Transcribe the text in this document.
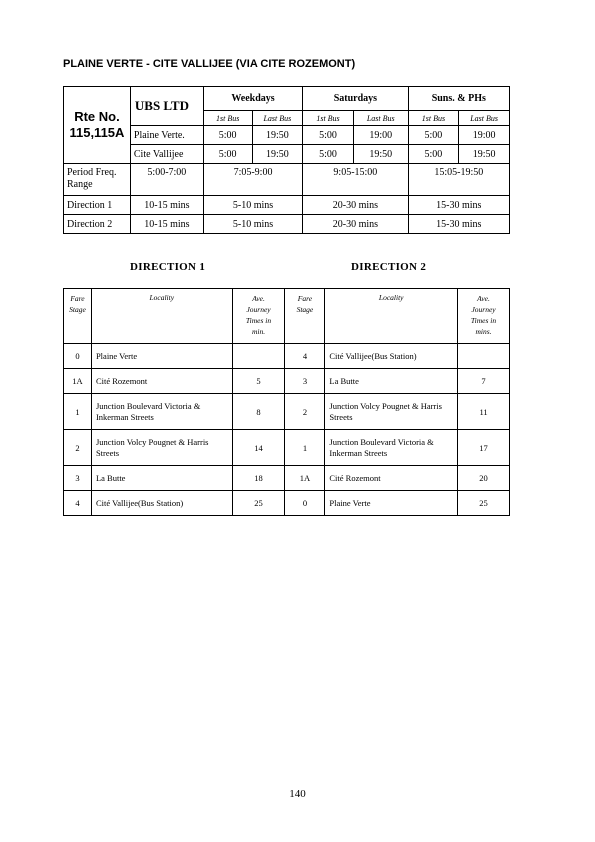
PLAINE VERTE - CITE VALLIJEE (VIA CITE ROZEMONT)
Rte No.
115,115A	UBS LTD	Weekdays		Saturdays		Suns. & PHs	
		1st Bus	Last Bus	1st Bus	Last Bus	1st Bus	Last Bus
	Plaine Verte.	5:00	19:50	5:00	19:00	5:00	19:00
	Cite Vallijee	5:00	19:50	5:00	19:50	5:00	19:50
Period Freq.
Range	5:00-7:00	7:05-9:00		9:05-15:00		15:05-19:50	
Direction 1	10-15 mins	5-10 mins		20-30 mins		15-30 mins	
Direction 2	10-15 mins	5-10 mins		20-30 mins		15-30 mins	
DIRECTION 1	DIRECTION 2
Fare
Stage	Locality	Ave.
Journey
Times in
min.	Fare
Stage	Locality	Ave.
Journey
Times in
mins.
0	Plaine Verte		4	Cité Vallijee(Bus Station)	
1A	Cité Rozemont	5	3	La Butte	7
1	Junction Boulevard Victoria & Inkerman Streets	8	2	Junction Volcy Pougnet & Harris Streets	11
2	Junction Volcy Pougnet & Harris Streets	14	1	Junction Boulevard Victoria & Inkerman Streets	17
3	La Butte	18	1A	Cité Rozemont	20
4	Cité Vallijee(Bus Station)	25	0	Plaine Verte	25
140
